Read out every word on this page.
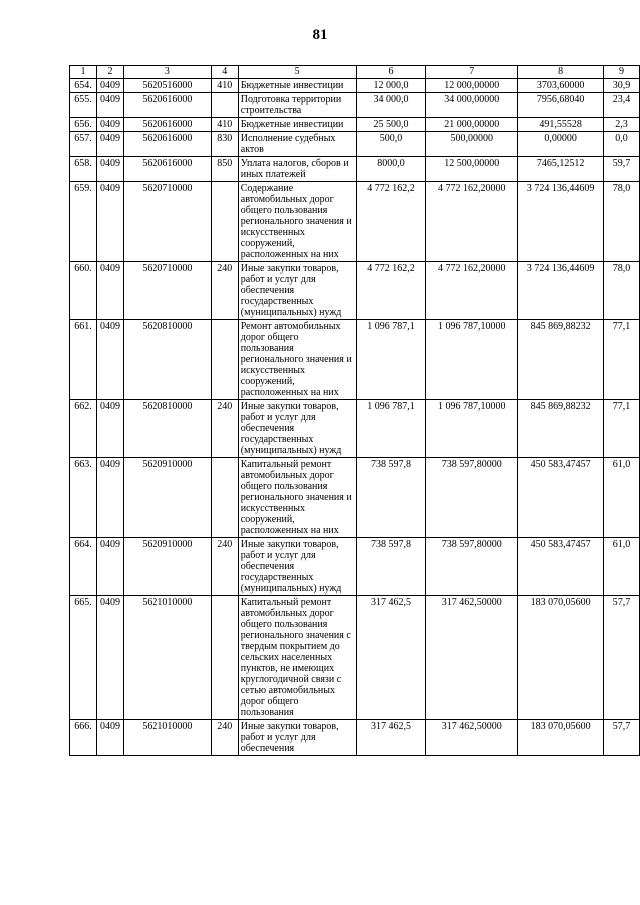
81
1	2	3	4	5	6	7	8	9
654.	0409	5620516000	410	Бюджетные инвестиции	12 000,0	12 000,00000	3703,60000	30,9
655.	0409	5620616000		Подготовка территории строительства	34 000,0	34 000,00000	7956,68040	23,4
656.	0409	5620616000	410	Бюджетные инвестиции	25 500,0	21 000,00000	491,55528	2,3
657.	0409	5620616000	830	Исполнение судебных актов	500,0	500,00000	0,00000	0,0
658.	0409	5620616000	850	Уплата налогов, сборов и иных платежей	8000,0	12 500,00000	7465,12512	59,7
659.	0409	5620710000		Содержание автомобильных дорог общего пользования регионального значения и искусственных сооружений, расположенных на них	4 772 162,2	4 772 162,20000	3 724 136,44609	78,0
660.	0409	5620710000	240	Иные закупки товаров, работ и услуг для обеспечения государственных (муниципальных) нужд	4 772 162,2	4 772 162,20000	3 724 136,44609	78,0
661.	0409	5620810000		Ремонт автомобильных дорог общего пользования регионального значения и искусственных сооружений, расположенных на них	1 096 787,1	1 096 787,10000	845 869,88232	77,1
662.	0409	5620810000	240	Иные закупки товаров, работ и услуг для обеспечения государственных (муниципальных) нужд	1 096 787,1	1 096 787,10000	845 869,88232	77,1
663.	0409	5620910000		Капитальный ремонт автомобильных дорог общего пользования регионального значения и искусственных сооружений, расположенных на них	738 597,8	738 597,80000	450 583,47457	61,0
664.	0409	5620910000	240	Иные закупки товаров, работ и услуг для обеспечения государственных (муниципальных) нужд	738 597,8	738 597,80000	450 583,47457	61,0
665.	0409	5621010000		Капитальный ремонт автомобильных дорог общего пользования регионального значения с твердым покрытием до сельских населенных пунктов, не имеющих круглогодичной связи с сетью автомобильных дорог общего пользования	317 462,5	317 462,50000	183 070,05600	57,7
666.	0409	5621010000	240	Иные закупки товаров, работ и услуг для обеспечения	317 462,5	317 462,50000	183 070,05600	57,7
